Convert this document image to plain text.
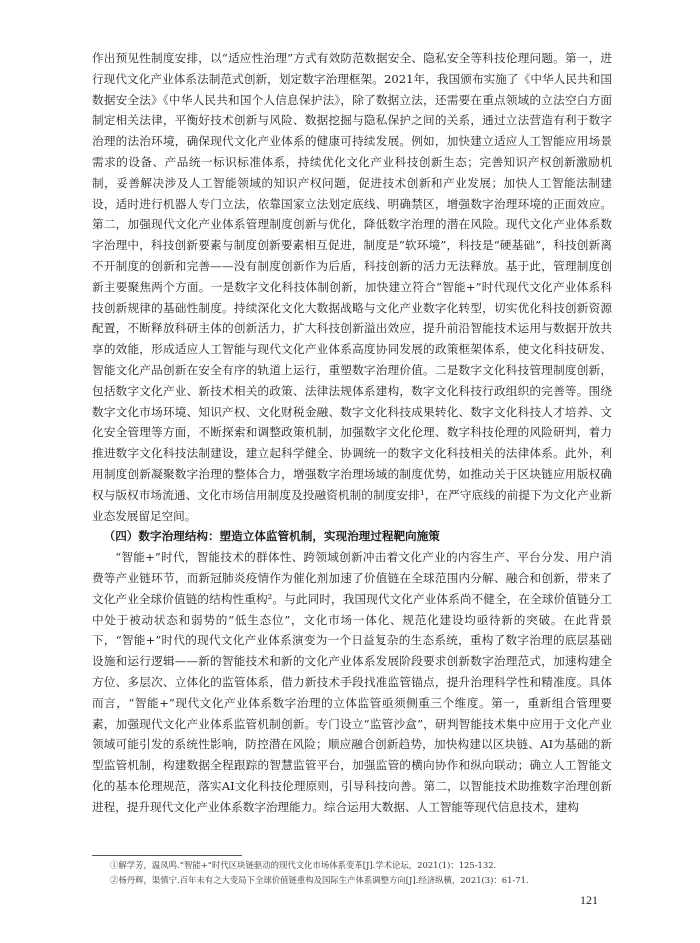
作出预见性制度安排，以“适应性治理”方式有效防范数据安全、隐私安全等科技伦理问题。第一，进行现代文化产业体系法制范式创新，划定数字治理框架。2021年，我国颁布实施了《中华人民共和国数据安全法》《中华人民共和国个人信息保护法》，除了数据立法，还需要在重点领域的立法空白方面制定相关法律，平衡好技术创新与风险、数据挖掘与隐私保护之间的关系，通过立法营造有利于数字治理的法治环境，确保现代文化产业体系的健康可持续发展。例如，加快建立适应人工智能应用场景需求的设备、产品统一标识标准体系，持续优化文化产业科技创新生态；完善知识产权创新激励机制，妥善解决涉及人工智能领域的知识产权问题，促进技术创新和产业发展；加快人工智能法制建设，适时进行机器人专门立法，依靠国家立法划定底线、明确禁区，增强数字治理环境的正面效应。第二，加强现代文化产业体系管理制度创新与优化，降低数字治理的潜在风险。现代文化产业体系数字治理中，科技创新要素与制度创新要素相互促进，制度是“软环境”，科技是“硬基础”，科技创新离不开制度的创新和完善——没有制度创新作为后盾，科技创新的活力无法释放。基于此，管理制度创新主要聚焦两个方面。一是数字文化科技体制创新，加快建立符合“智能+”时代现代文化产业体系科技创新规律的基础性制度。持续深化文化大数据战略与文化产业数字化转型，切实优化科技创新资源配置，不断释放科研主体的创新活力，扩大科技创新溢出效应，提升前沿智能技术运用与数据开放共享的效能，形成适应人工智能与现代文化产业体系高度协同发展的政策框架体系，使文化科技研发、智能文化产品创新在安全有序的轨道上运行，重塑数字治理价值。二是数字文化科技管理制度创新，包括数字文化产业、新技术相关的政策、法律法规体系建构，数字文化科技行政组织的完善等。围绕数字文化市场环境、知识产权、文化财税金融、数字文化科技成果转化、数字文化科技人才培养、文化安全管理等方面，不断探索和调整政策机制，加强数字文化伦理、数字科技伦理的风险研判，着力推进数字文化科技法制建设，建立起科学健全、协调统一的数字文化科技相关的法律体系。此外，利用制度创新凝聚数字治理的整体合力，增强数字治理场域的制度优势，如推动关于区块链应用版权确权与版权市场流通、文化市场信用制度及投融资机制的制度安排¹，在严守底线的前提下为文化产业新业态发展留足空间。

（四）数字治理结构：塑造立体监管机制，实现治理过程靶向施策

“智能+”时代，智能技术的群体性、跨领域创新冲击着文化产业的内容生产、平台分发、用户消费等产业链环节，而新冠肺炎疫情作为催化剂加速了价值链在全球范围内分解、融合和创新，带来了文化产业全球价值链的结构性重构²。与此同时，我国现代文化产业体系尚不健全，在全球价值链分工中处于被动状态和弱势的“低生态位”，文化市场一体化、规范化建设均亟待新的突破。在此背景下，“智能+”时代的现代文化产业体系演变为一个日益复杂的生态系统，重构了数字治理的底层基础设施和运行逻辑——新的智能技术和新的文化产业体系发展阶段要求创新数字治理范式，加速构建全方位、多层次、立体化的监管体系，借力新技术手段找准监管锚点，提升治理科学性和精准度。具体而言，“智能+”现代文化产业体系数字治理的立体监管亟须侧重三个维度。第一，重新组合管理要素，加强现代文化产业体系监管机制创新。专门设立“监管沙盒”，研判智能技术集中应用于文化产业领域可能引发的系统性影响，防控潜在风险；顺应融合创新趋势，加快构建以区块链、AI为基础的新型监管机制，构建数据全程跟踪的智慧监管平台，加强监管的横向协作和纵向联动；确立人工智能文化的基本伦理规范，落实AI文化科技伦理原则，引导科技向善。第二，以智能技术助推数字治理创新进程，提升现代文化产业体系数字治理能力。综合运用大数据、人工智能等现代信息技术，建构

①解学芳，温凤鸣.“智能+”时代区块链驱动的现代文化市场体系变革[J].学术论坛，2021(1)：125-132.

②杨丹辉，渠慎宁.百年未有之大变局下全球价值链重构及国际生产体系调整方向[J].经济纵横，2021(3)：61-71.

121
